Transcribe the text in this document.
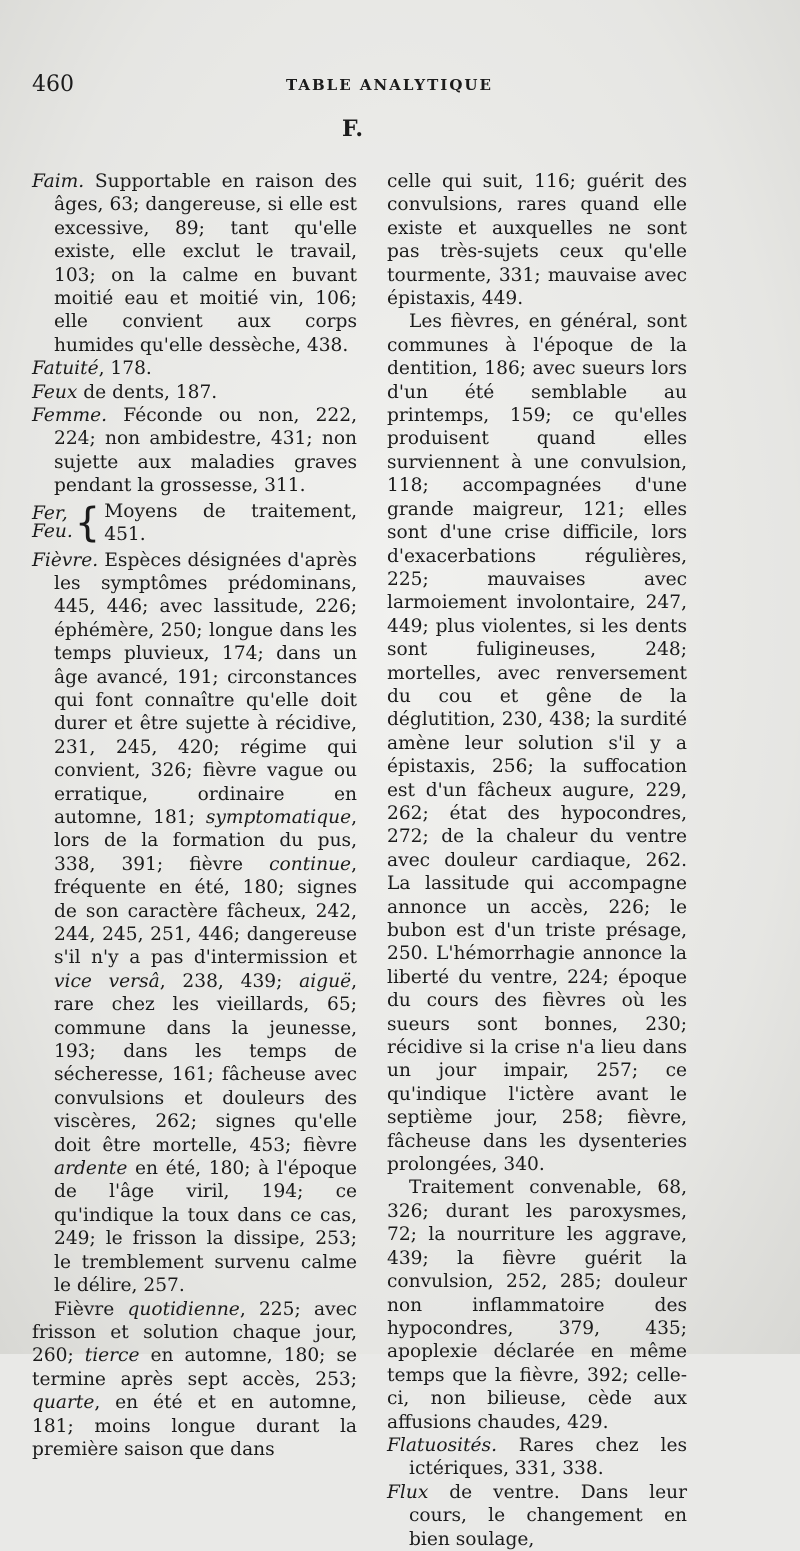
460	TABLE ANALYTIQUE
F.

Faim. Supportable en raison des âges, 63; dangereuse, si elle est excessive, 89; tant qu'elle existe, elle exclut le travail, 103; on la calme en buvant moitié eau et moitié vin, 106; elle convient aux corps humides qu'elle dessèche, 438.

Fatuité, 178.

Feux de dents, 187.

Femme. Féconde ou non, 222, 224; non ambidestre, 431; non sujette aux maladies graves pendant la grossesse, 311.

Fer,
Feu. { Moyens de traitement, 451.

Fièvre. Espèces désignées d'après les symptômes prédominans, 445, 446; avec lassitude, 226; éphémère, 250; longue dans les temps pluvieux, 174; dans un âge avancé, 191; circonstances qui font connaître qu'elle doit durer et être sujette à récidive, 231, 245, 420; régime qui convient, 326; fièvre vague ou erratique, ordinaire en automne, 181; symptomatique, lors de la formation du pus, 338, 391; fièvre continue, fréquente en été, 180; signes de son caractère fâcheux, 242, 244, 245, 251, 446; dangereuse s'il n'y a pas d'intermission et vice versâ, 238, 439; aiguë, rare chez les vieillards, 65; commune dans la jeunesse, 193; dans les temps de sécheresse, 161; fâcheuse avec convulsions et douleurs des viscères, 262; signes qu'elle doit être mortelle, 453; fièvre ardente en été, 180; à l'époque de l'âge viril, 194; ce qu'indique la toux dans ce cas, 249; le frisson la dissipe, 253; le tremblement survenu calme le délire, 257.

Fièvre quotidienne, 225; avec frisson et solution chaque jour, 260; tierce en automne, 180; se termine après sept accès, 253; quarte, en été et en automne, 181; moins longue durant la première saison que dans

celle qui suit, 116; guérit des convulsions, rares quand elle existe et auxquelles ne sont pas très-sujets ceux qu'elle tourmente, 331; mauvaise avec épistaxis, 449.

Les fièvres, en général, sont communes à l'époque de la dentition, 186; avec sueurs lors d'un été semblable au printemps, 159; ce qu'elles produisent quand elles surviennent à une convulsion, 118; accompagnées d'une grande maigreur, 121; elles sont d'une crise difficile, lors d'exacerbations régulières, 225; mauvaises avec larmoiement involontaire, 247, 449; plus violentes, si les dents sont fuligineuses, 248; mortelles, avec renversement du cou et gêne de la déglutition, 230, 438; la surdité amène leur solution s'il y a épistaxis, 256; la suffocation est d'un fâcheux augure, 229, 262; état des hypocondres, 272; de la chaleur du ventre avec douleur cardiaque, 262. La lassitude qui accompagne annonce un accès, 226; le bubon est d'un triste présage, 250. L'hémorrhagie annonce la liberté du ventre, 224; époque du cours des fièvres où les sueurs sont bonnes, 230; récidive si la crise n'a lieu dans un jour impair, 257; ce qu'indique l'ictère avant le septième jour, 258; fièvre, fâcheuse dans les dysenteries prolongées, 340.

Traitement convenable, 68, 326; durant les paroxysmes, 72; la nourriture les aggrave, 439; la fièvre guérit la convulsion, 252, 285; douleur non inflammatoire des hypocondres, 379, 435; apoplexie déclarée en même temps que la fièvre, 392; celle-ci, non bilieuse, cède aux affusions chaudes, 429.

Flatuosités. Rares chez les ictériques, 331, 338.

Flux de ventre. Dans leur cours, le changement en bien soulage,
